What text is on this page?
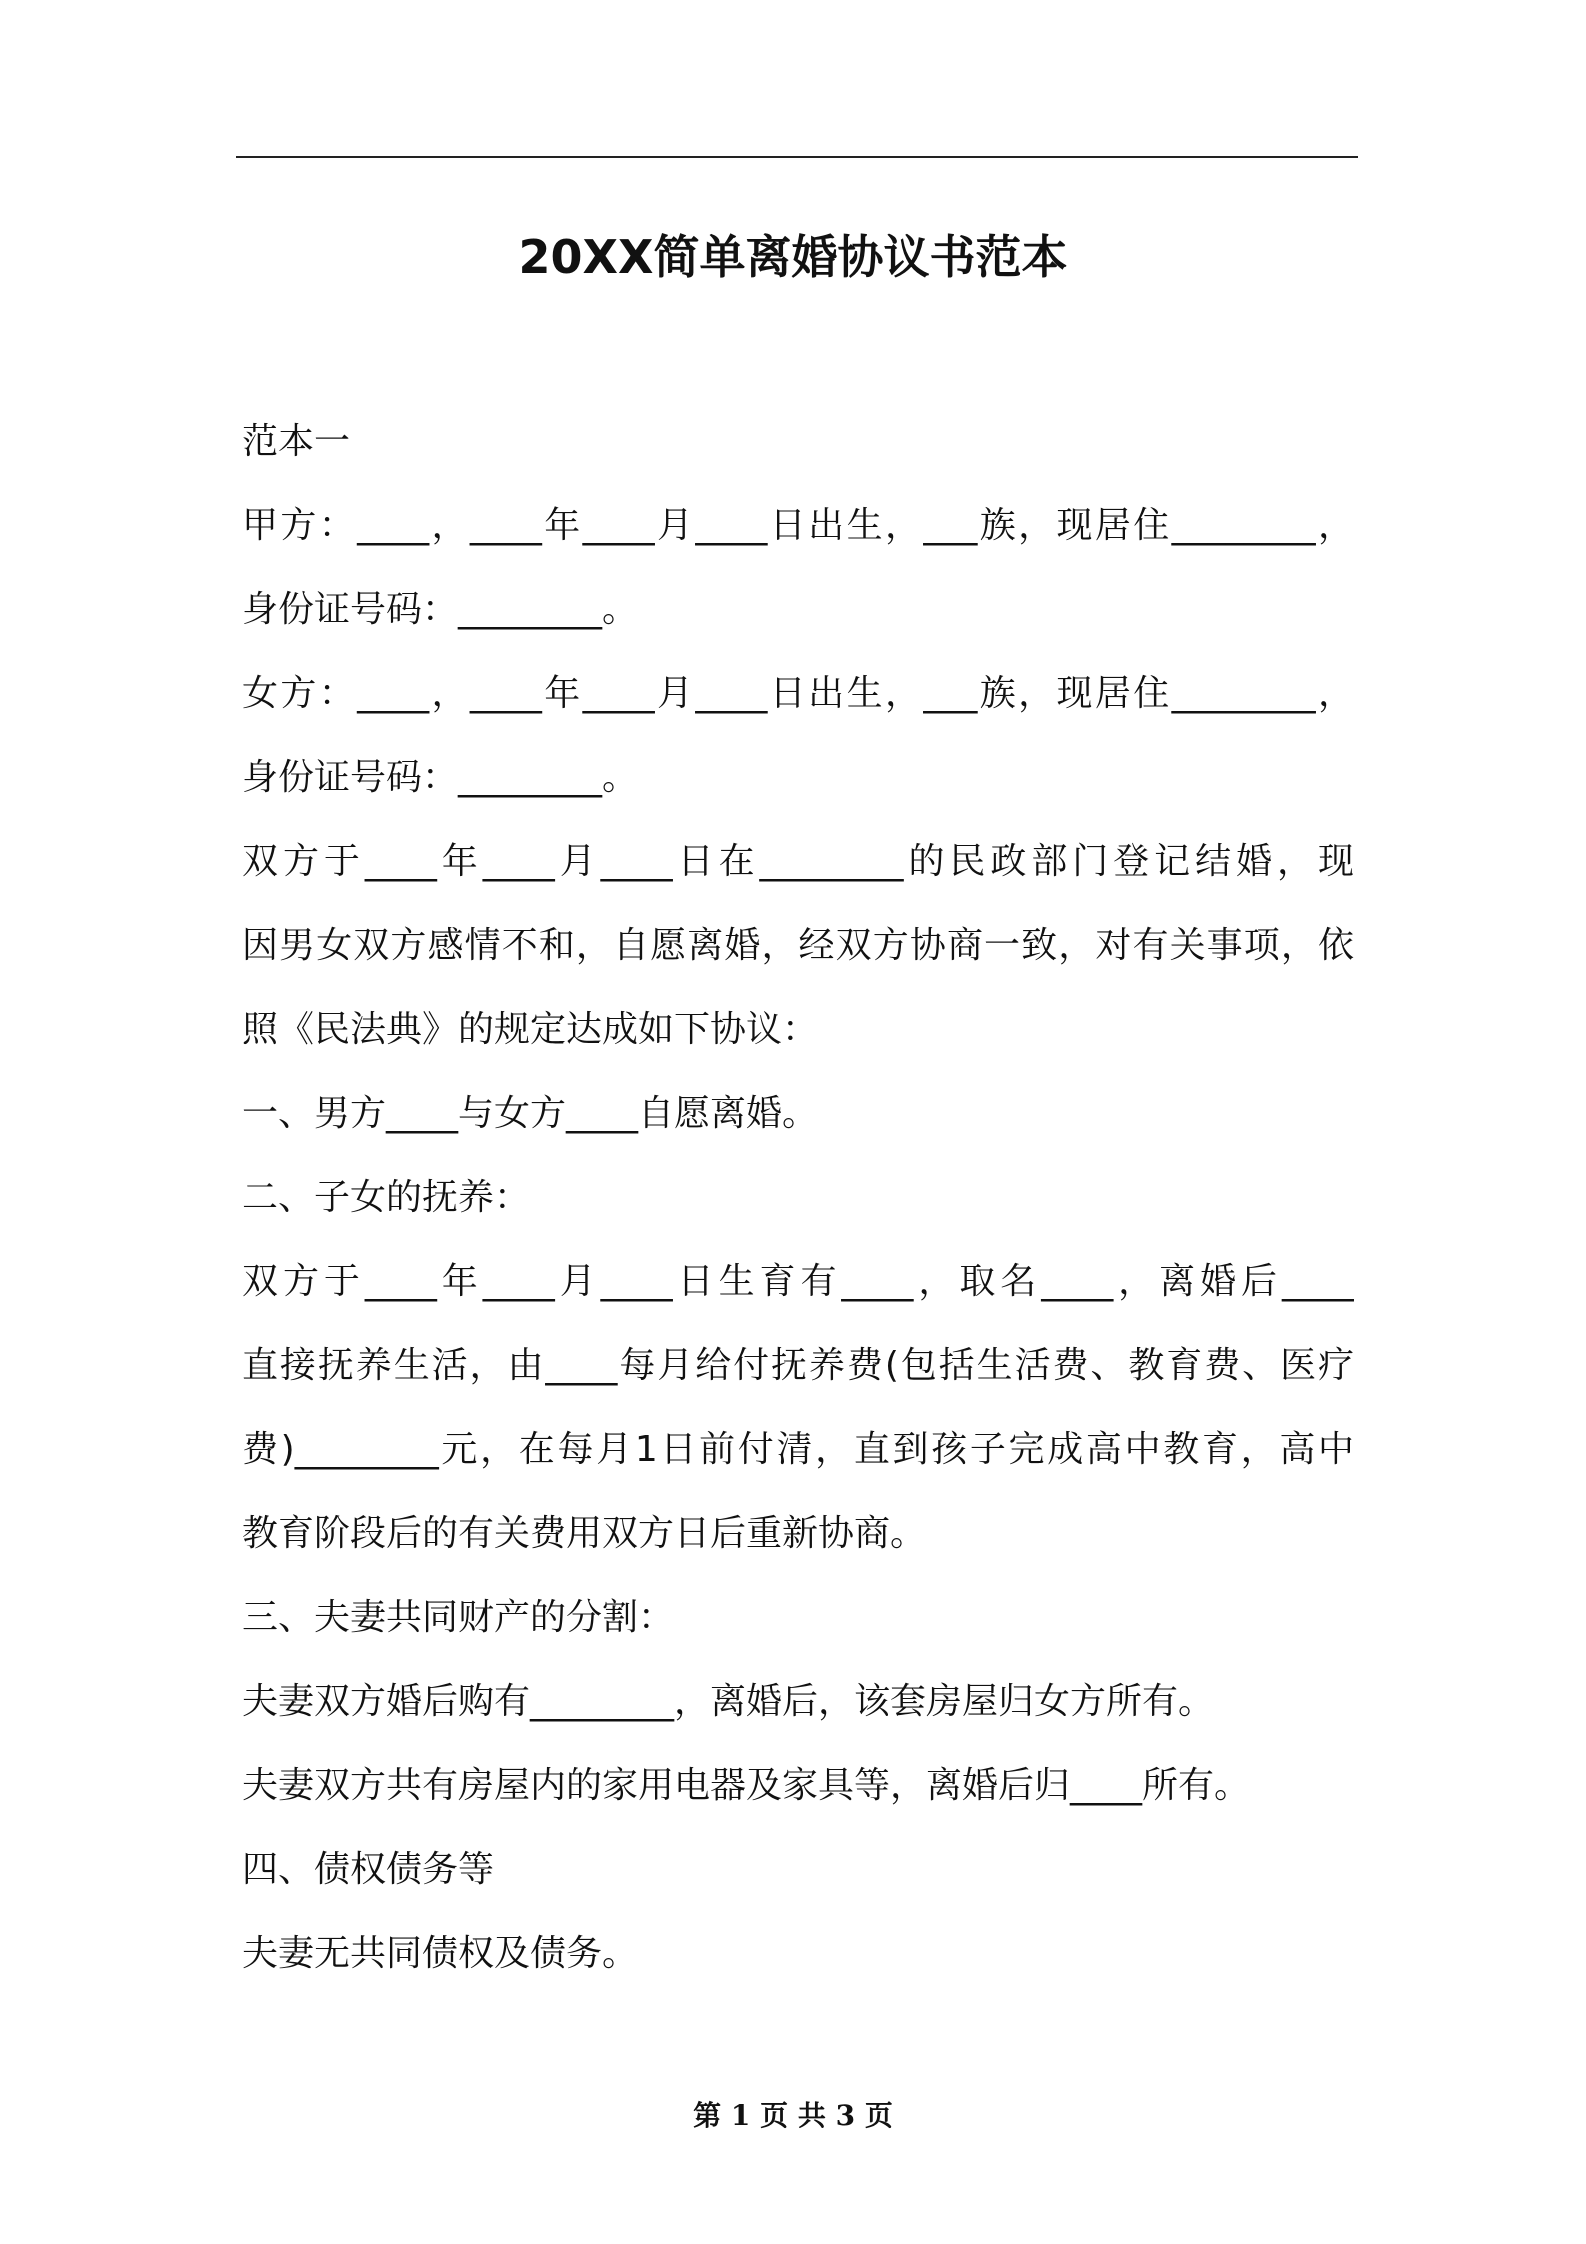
20XX简单离婚协议书范本
范本一
甲方：____，____年____月____日出生，___族，现居住________，
身份证号码：________。
女方：____，____年____月____日出生，___族，现居住________，
身份证号码：________。
双方于____年____月____日在________的民政部门登记结婚，现
因男女双方感情不和，自愿离婚，经双方协商一致，对有关事项，依
照《民法典》的规定达成如下协议：
一、男方____与女方____自愿离婚。
二、子女的抚养：
双方于____年____月____日生育有____，取名____，离婚后____
直接抚养生活，由____每月给付抚养费(包括生活费、教育费、医疗
费)________元，在每月1日前付清，直到孩子完成高中教育，高中
教育阶段后的有关费用双方日后重新协商。
三、夫妻共同财产的分割：
夫妻双方婚后购有________，离婚后，该套房屋归女方所有。
夫妻双方共有房屋内的家用电器及家具等，离婚后归____所有。
四、债权债务等
夫妻无共同债权及债务。
第 1 页 共 3 页
